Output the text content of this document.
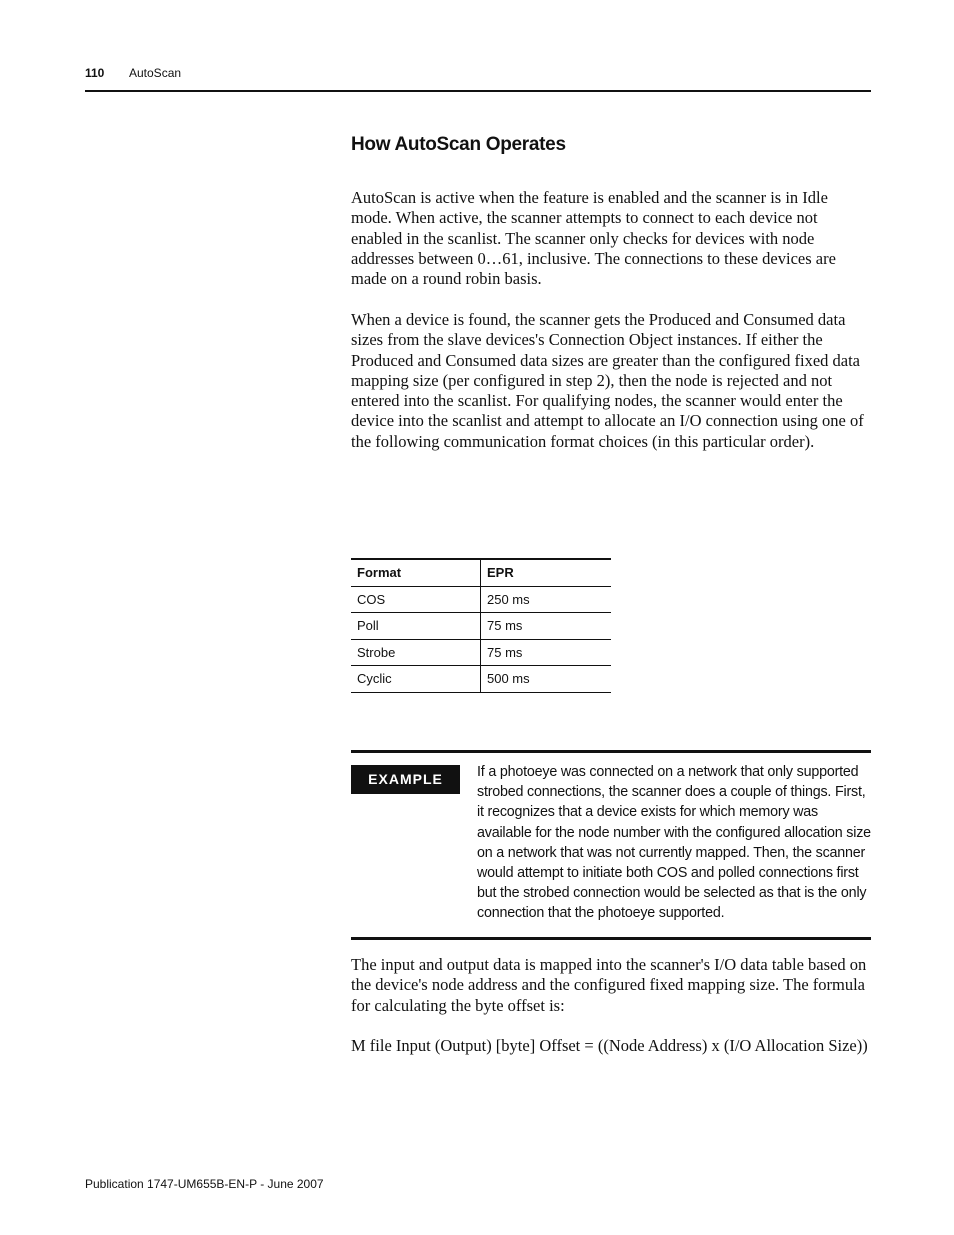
110 AutoScan
How AutoScan Operates

AutoScan is active when the feature is enabled and the scanner is in Idle mode. When active, the scanner attempts to connect to each device not enabled in the scanlist. The scanner only checks for devices with node addresses between 0…61, inclusive. The connections to these devices are made on a round robin basis.

When a device is found, the scanner gets the Produced and Consumed data sizes from the slave devices's Connection Object instances. If either the Produced and Consumed data sizes are greater than the configured fixed data mapping size (per configured in step 2), then the node is rejected and not entered into the scanlist. For qualifying nodes, the scanner would enter the device into the scanlist and attempt to allocate an I/O connection using one of the following communication format choices (in this particular order).

Format	EPR
COS	250 ms
Poll	75 ms
Strobe	75 ms
Cyclic	500 ms
EXAMPLE	If a photoeye was connected on a network that only supported strobed connections, the scanner does a couple of things. First, it recognizes that a device exists for which memory was available for the node number with the configured allocation size on a network that was not currently mapped. Then, the scanner would attempt to initiate both COS and polled connections first but the strobed connection would be selected as that is the only connection that the photoeye supported.

The input and output data is mapped into the scanner's I/O data table based on the device's node address and the configured fixed mapping size. The formula for calculating the byte offset is:

M file Input (Output) [byte] Offset = ((Node Address) x (I/O Allocation Size))

Publication 1747-UM655B-EN-P - June 2007
